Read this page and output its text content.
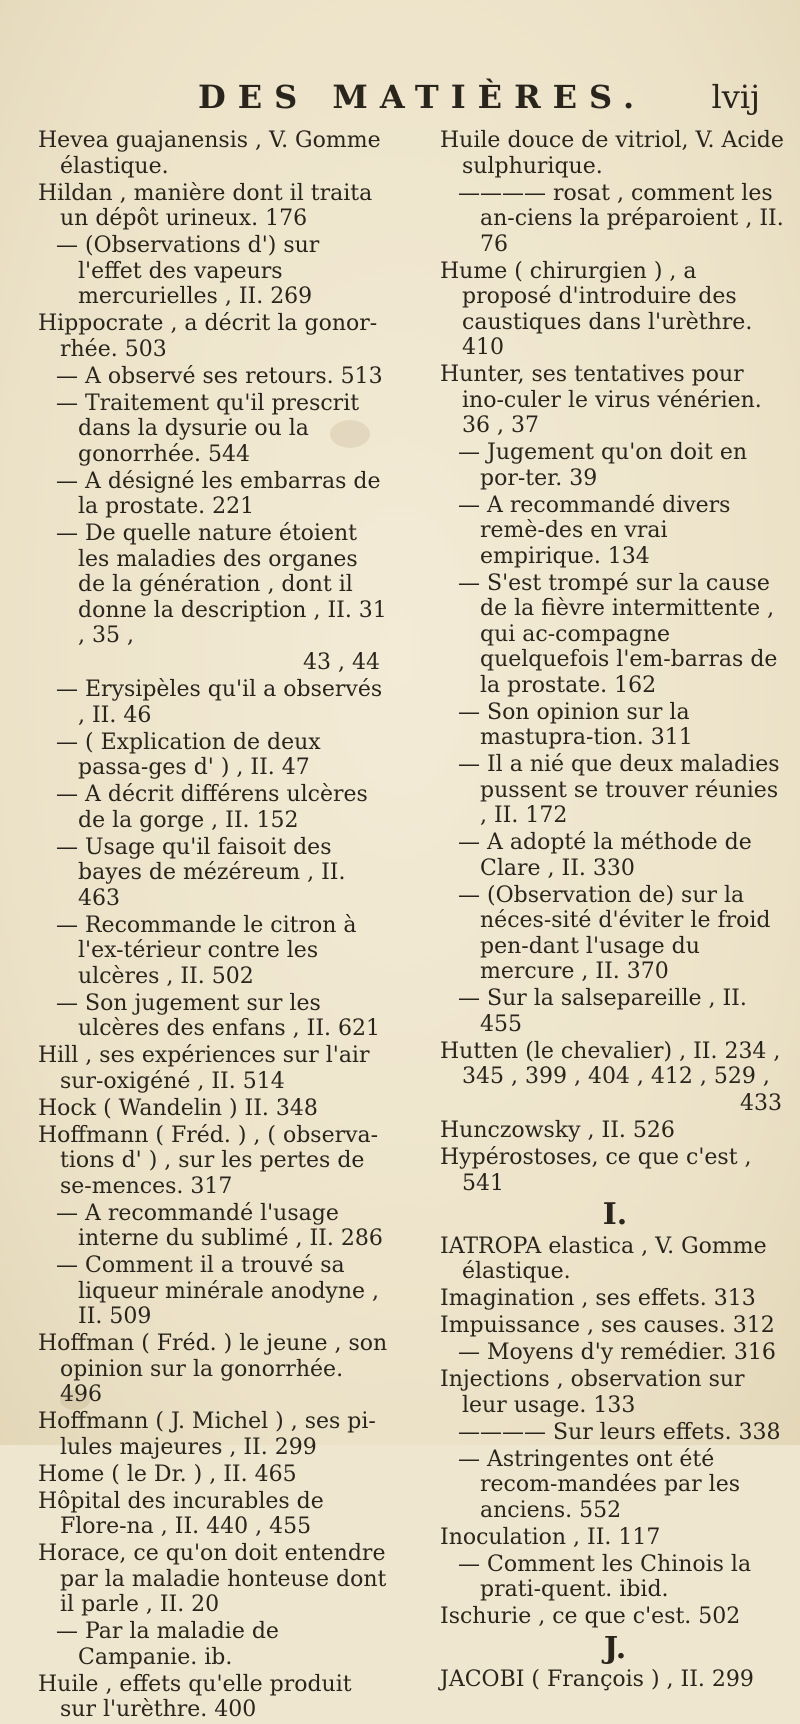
DES MATIÈRES. lvij
Hevea guajanensis , V. Gomme élastique.
Hildan , manière dont il traita un dépôt urineux. 176
— (Observations d') sur l'effet des vapeurs mercurielles , II. 269
Hippocrate , a décrit la gonor-rhée. 503
— A observé ses retours. 513
— Traitement qu'il prescrit dans la dysurie ou la gonorrhée. 544
— A désigné les embarras de la prostate. 221
— De quelle nature étoient les maladies des organes de la génération , dont il donne la description , II. 31 , 35 ,
43 , 44
— Erysipèles qu'il a observés , II. 46
— ( Explication de deux passa-ges d' ) , II. 47
— A décrit différens ulcères de la gorge , II. 152
— Usage qu'il faisoit des bayes de mézéreum , II. 463
— Recommande le citron à l'ex-térieur contre les ulcères , II. 502
— Son jugement sur les ulcères des enfans , II. 621
Hill , ses expériences sur l'air sur-oxigéné , II. 514
Hock ( Wandelin ) II. 348
Hoffmann ( Fréd. ) , ( observa-tions d' ) , sur les pertes de se-mences. 317
— A recommandé l'usage interne du sublimé , II. 286
— Comment il a trouvé sa liqueur minérale anodyne , II. 509
Hoffman ( Fréd. ) le jeune , son opinion sur la gonorrhée. 496
Hoffmann ( J. Michel ) , ses pi-lules majeures , II. 299
Home ( le Dr. ) , II. 465
Hôpital des incurables de Flore-na , II. 440 , 455
Horace, ce qu'on doit entendre par la maladie honteuse dont il parle , II. 20
— Par la maladie de Campanie. ib.
Huile , effets qu'elle produit sur l'urèthre. 400
Huile douce de vitriol, V. Acide sulphurique.
———— rosat , comment les an-ciens la préparoient , II. 76
Hume ( chirurgien ) , a proposé d'introduire des caustiques dans l'urèthre. 410
Hunter, ses tentatives pour ino-culer le virus vénérien. 36 , 37
— Jugement qu'on doit en por-ter. 39
— A recommandé divers remè-des en vrai empirique. 134
— S'est trompé sur la cause de la fièvre intermittente , qui ac-compagne quelquefois l'em-barras de la prostate. 162
— Son opinion sur la mastupra-tion. 311
— Il a nié que deux maladies pussent se trouver réunies , II. 172
— A adopté la méthode de Clare , II. 330
— (Observation de) sur la néces-sité d'éviter le froid pen-dant l'usage du mercure , II. 370
— Sur la salsepareille , II. 455
Hutten (le chevalier) , II. 234 , 345 , 399 , 404 , 412 , 529 ,
433
Hunczowsky , II. 526
Hypérostoses, ce que c'est , 541
I.
IATROPA elastica , V. Gomme élastique.
Imagination , ses effets. 313
Impuissance , ses causes. 312
— Moyens d'y remédier. 316
Injections , observation sur leur usage. 133
———— Sur leurs effets. 338
— Astringentes ont été recom-mandées par les anciens. 552
Inoculation , II. 117
— Comment les Chinois la prati-quent. ibid.
Ischurie , ce que c'est. 502
J.
JACOBI ( François ) , II. 299
